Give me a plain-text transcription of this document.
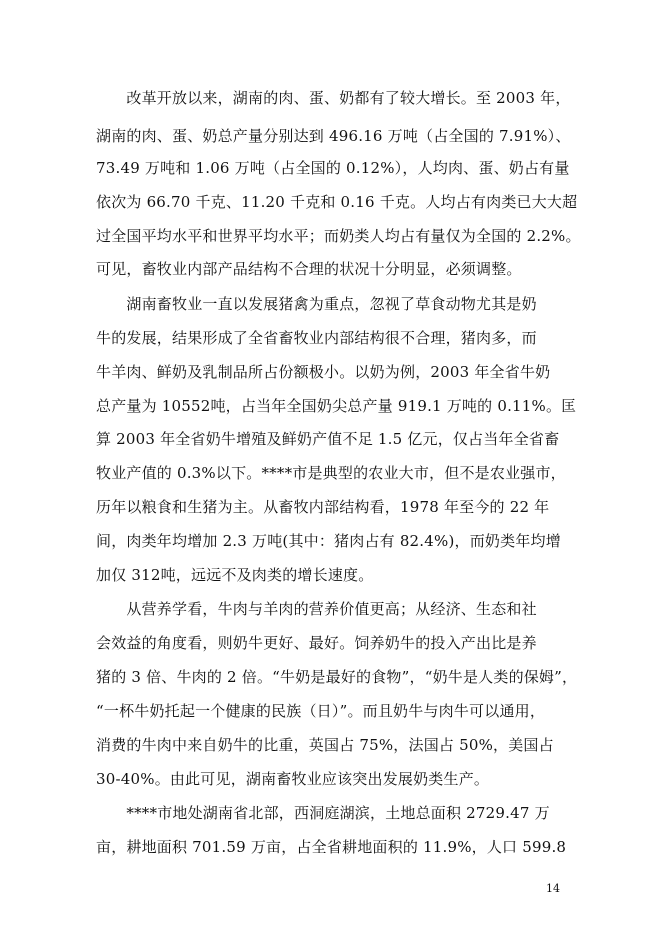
　　改革开放以来，湖南的肉、蛋、奶都有了较大增长。至 2003 年，
湖南的肉、蛋、奶总产量分别达到 496.16 万吨（占全国的 7.91%）、
73.49 万吨和 1.06 万吨（占全国的 0.12%），人均肉、蛋、奶占有量
依次为 66.70 千克、11.20 千克和 0.16 千克。人均占有肉类已大大超
过全国平均水平和世界平均水平；而奶类人均占有量仅为全国的 2.2%。
可见，畜牧业内部产品结构不合理的状况十分明显，必须调整。
　　湖南畜牧业一直以发展猪禽为重点，忽视了草食动物尤其是奶
牛的发展，结果形成了全省畜牧业内部结构很不合理，猪肉多，而
牛羊肉、鲜奶及乳制品所占份额极小。以奶为例，2003 年全省牛奶
总产量为 10552吨，占当年全国奶尖总产量 919.1 万吨的 0.11%。匡
算 2003 年全省奶牛增殖及鲜奶产值不足 1.5 亿元，仅占当年全省畜
牧业产值的 0.3%以下。****市是典型的农业大市，但不是农业强市，
历年以粮食和生猪为主。从畜牧内部结构看，1978 年至今的 22 年
间，肉类年均增加 2.3 万吨(其中：猪肉占有 82.4%)，而奶类年均增
加仅 312吨，远远不及肉类的增长速度。
　　从营养学看，牛肉与羊肉的营养价值更高；从经济、生态和社
会效益的角度看，则奶牛更好、最好。饲养奶牛的投入产出比是养
猪的 3 倍、牛肉的 2 倍。“牛奶是最好的食物”，“奶牛是人类的保姆”，
“一杯牛奶托起一个健康的民族（日）”。而且奶牛与肉牛可以通用，
消费的牛肉中来自奶牛的比重，英国占 75%，法国占 50%，美国占
30-40%。由此可见，湖南畜牧业应该突出发展奶类生产。
　　****市地处湖南省北部，西洞庭湖滨，土地总面积 2729.47 万
亩，耕地面积 701.59 万亩，占全省耕地面积的 11.9%，人口 599.8
14
